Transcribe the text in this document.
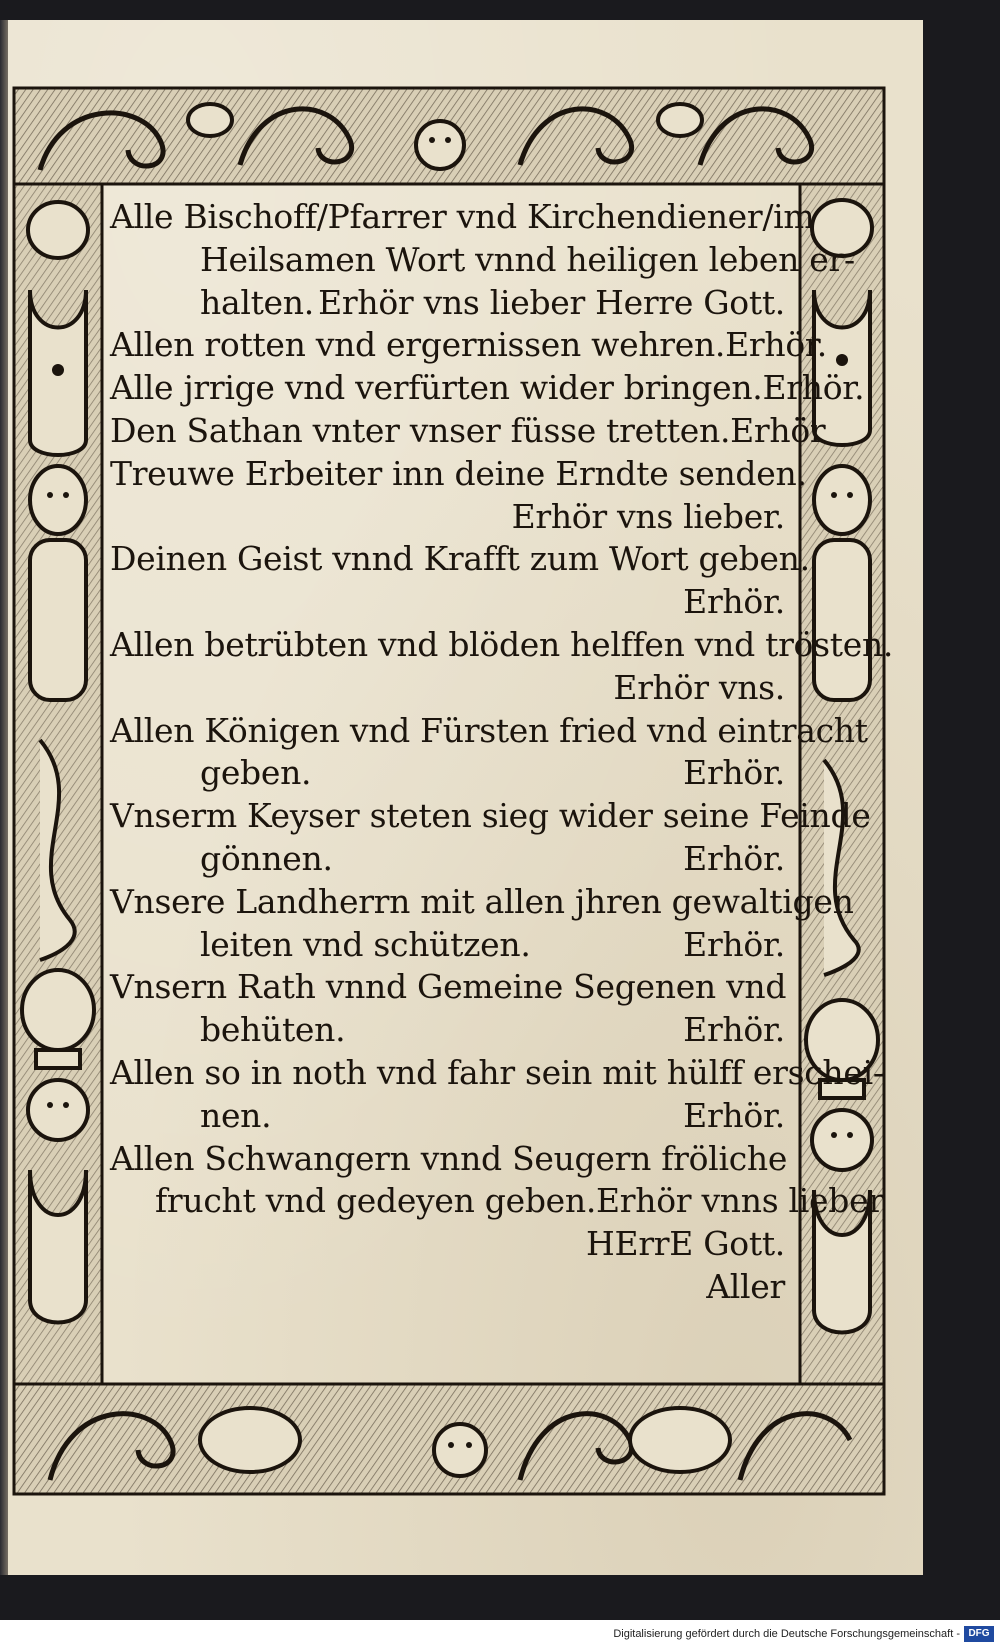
Alle Bischoff/Pfarrer vnd Kirchendiener/im
Heilsamen Wort vnnd heiligen leben er-
halten. Erhör vns lieber Herre Gott.
Allen rotten vnd ergernissen wehren. Erhör.
Alle jrrige vnd verfürten wider bringen. Erhör.
Den Sathan vnter vnser füsse tretten. Erhör
Treuwe Erbeiter inn deine Erndte senden.
Erhör vns lieber.
Deinen Geist vnnd Krafft zum Wort geben.
Erhör.
Allen betrübten vnd blöden helffen vnd trösten.
Erhör vns.
Allen Königen vnd Fürsten fried vnd eintracht
geben.	Erhör.
Vnserm Keyser steten sieg wider seine Feinde
gönnen.	Erhör.
Vnsere Landherrn mit allen jhren gewaltigen
leiten vnd schützen.	Erhör.
Vnsern Rath vnnd Gemeine Segenen vnd
behüten.	Erhör.
Allen so in noth vnd fahr sein mit hülff erschei-
nen.	Erhör.
Allen Schwangern vnnd Seugern fröliche
frucht vnd gedeyen geben. Erhör vnns lieber
HErrE Gott.
Aller
Digitalisierung gefördert durch die Deutsche Forschungsgemeinschaft - DFG
